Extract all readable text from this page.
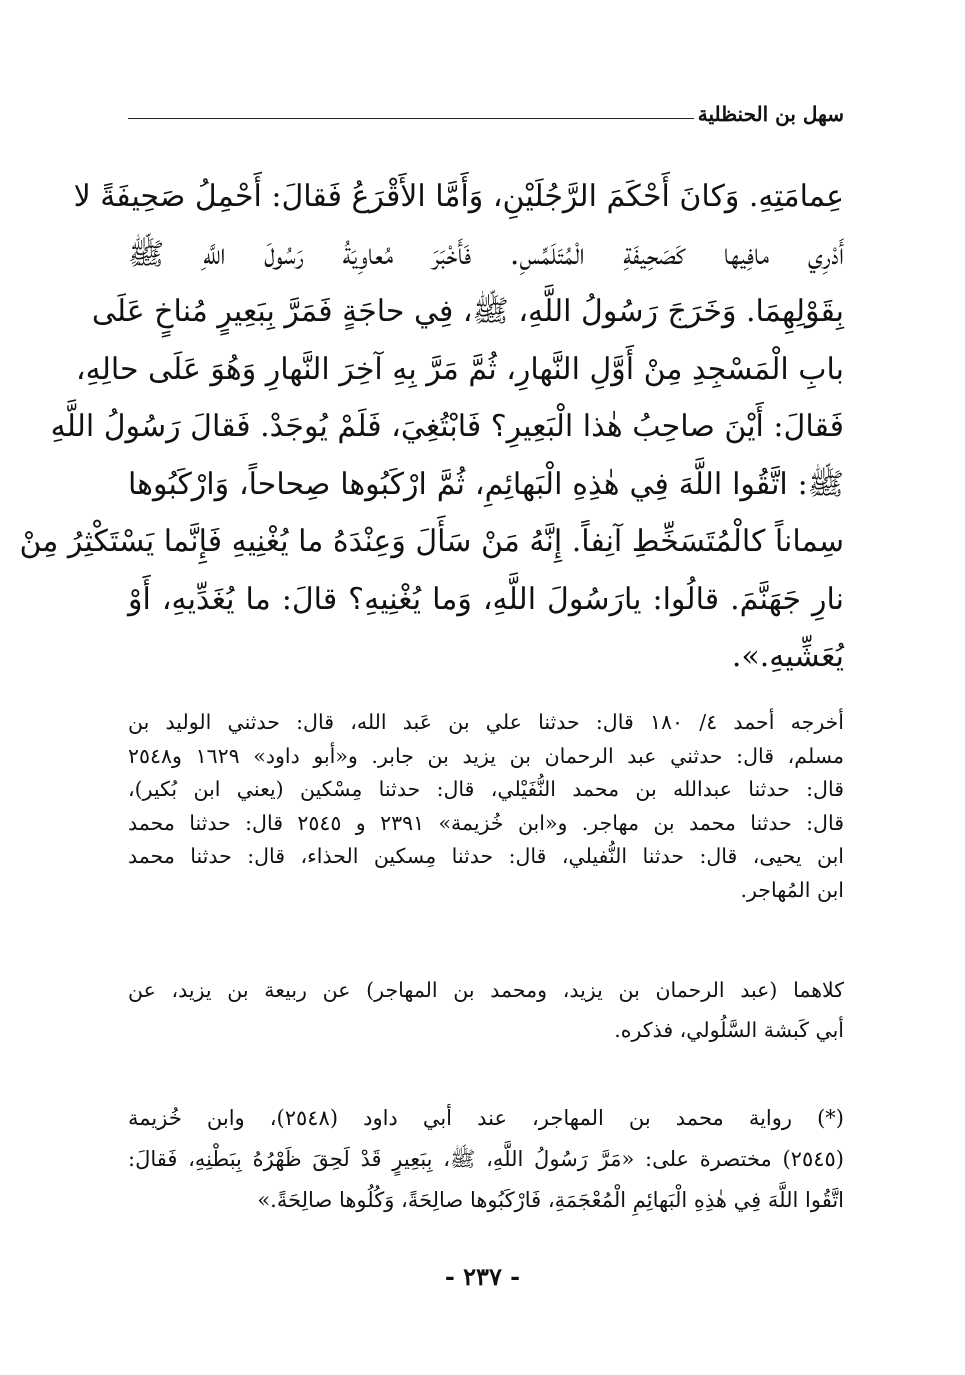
سهل بن الحنظلية
عِمامَتِهِ. وَكانَ أَحْكَمَ الرَّجُلَيْنِ، وَأَمَّا الأَقْرَعُ فَقالَ: أَحْمِلُ صَحِيفَةً لا
أَدْرِي مافِيها كَصَحِيفَةِ الْمُتَلَمِّسِ. فَأَخْبَرَ مُعاوِيَةُ رَسُولَ اللَّهِ ﷺ
بِقَوْلِهِمَا. وَخَرَجَ رَسُولُ اللَّهِ، ﷺ، فِي حاجَةٍ فَمَرَّ بِبَعِيرٍ مُناخٍ عَلَى
بابِ الْمَسْجِدِ مِنْ أَوَّلِ النَّهارِ، ثُمَّ مَرَّ بِهِ آخِرَ النَّهارِ وَهُوَ عَلَى حالِهِ،
فَقالَ: أَيْنَ صاحِبُ هٰذا الْبَعِيرِ؟ فَابْتُغِيَ، فَلَمْ يُوجَدْ. فَقالَ رَسُولُ اللَّهِ
ﷺ: اتَّقُوا اللَّهَ فِي هٰذِهِ الْبَهائِمِ، ثُمَّ ارْكَبُوها صِحاحاً، وَارْكَبُوها
سِماناً كالْمُتَسَخِّطِ آنِفاً. إِنَّهُ مَنْ سَأَلَ وَعِنْدَهُ ما يُغْنِيهِ فَإِنَّما يَسْتَكْثِرُ مِنْ
نارِ جَهَنَّمَ. قالُوا: يارَسُولَ اللَّهِ، وَما يُغْنِيهِ؟ قالَ: ما يُغَدِّيهِ، أَوْ
يُعَشِّيهِ.».
أخرجه أحمد ٤/ ١٨٠ قال: حدثنا علي بن عَبد الله، قال: حدثني الوليد بن
مسلم، قال: حدثني عبد الرحمان بن يزيد بن جابر. و«أبو داود» ١٦٢٩ و٢٥٤٨
قال: حدثنا عبدالله بن محمد النُّفَيْلي، قال: حدثنا مِسْكين (يعني ابن بُكير)،
قال: حدثنا محمد بن مهاجر. و«ابن خُزيمة» ٢٣٩١ و ٢٥٤٥ قال: حدثنا محمد
ابن يحيى، قال: حدثنا النُّفيلي، قال: حدثنا مِسكين الحذاء، قال: حدثنا محمد
ابن المُهاجر.
كلاهما (عبد الرحمان بن يزيد، ومحمد بن المهاجر) عن ربيعة بن يزيد، عن
أبي كَبشة السَّلُولي، فذكره.
(*) رواية محمد بن المهاجر، عند أبي داود (٢٥٤٨)، وابن خُزيمة
(٢٥٤٥) مختصرة على: «مَرَّ رَسُولُ اللَّهِ، ﷺ، بِبَعِيرٍ قَدْ لَحِقَ ظَهْرُهُ بِبَطْنِهِ، فَقالَ:
اتَّقُوا اللَّهَ فِي هٰذِهِ الْبَهائِمِ الْمُعْجَمَةِ، فَارْكَبُوها صالِحَةً، وَكُلُوها صالِحَةً.»
- ٢٣٧ -
